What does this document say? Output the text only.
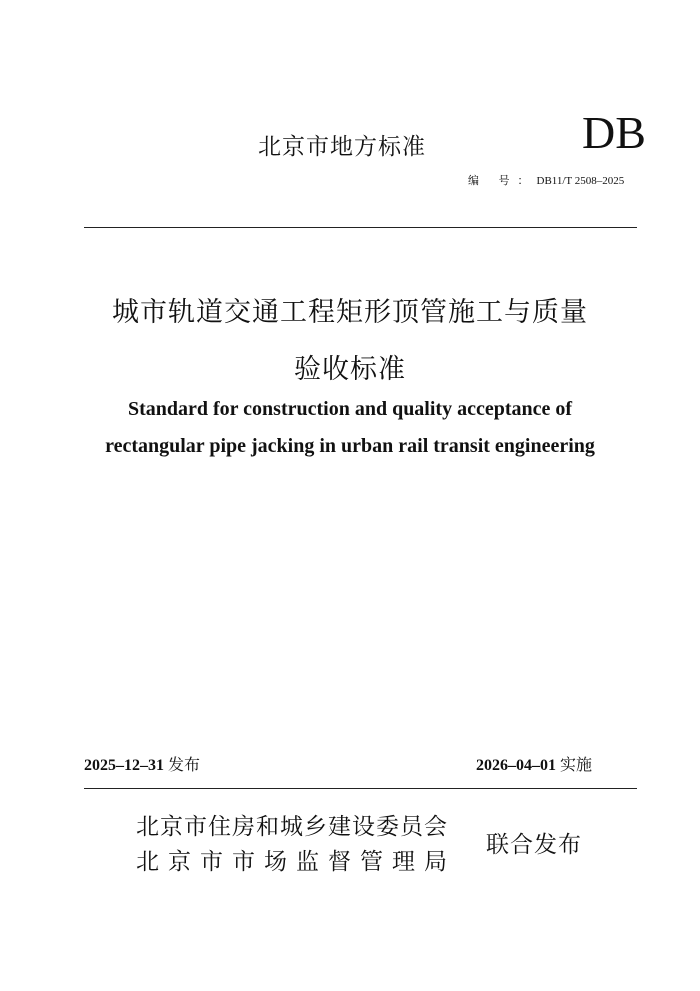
北京市地方标准	DB
编 号：DB11/T 2508–2025
城市轨道交通工程矩形顶管施工与质量
验收标准
Standard for construction and quality acceptance of
rectangular pipe jacking in urban rail transit engineering
2025–12–31 发布	2026–04–01 实施
北京市住房和城乡建设委员会
北京市市场监督管理局
联合发布
